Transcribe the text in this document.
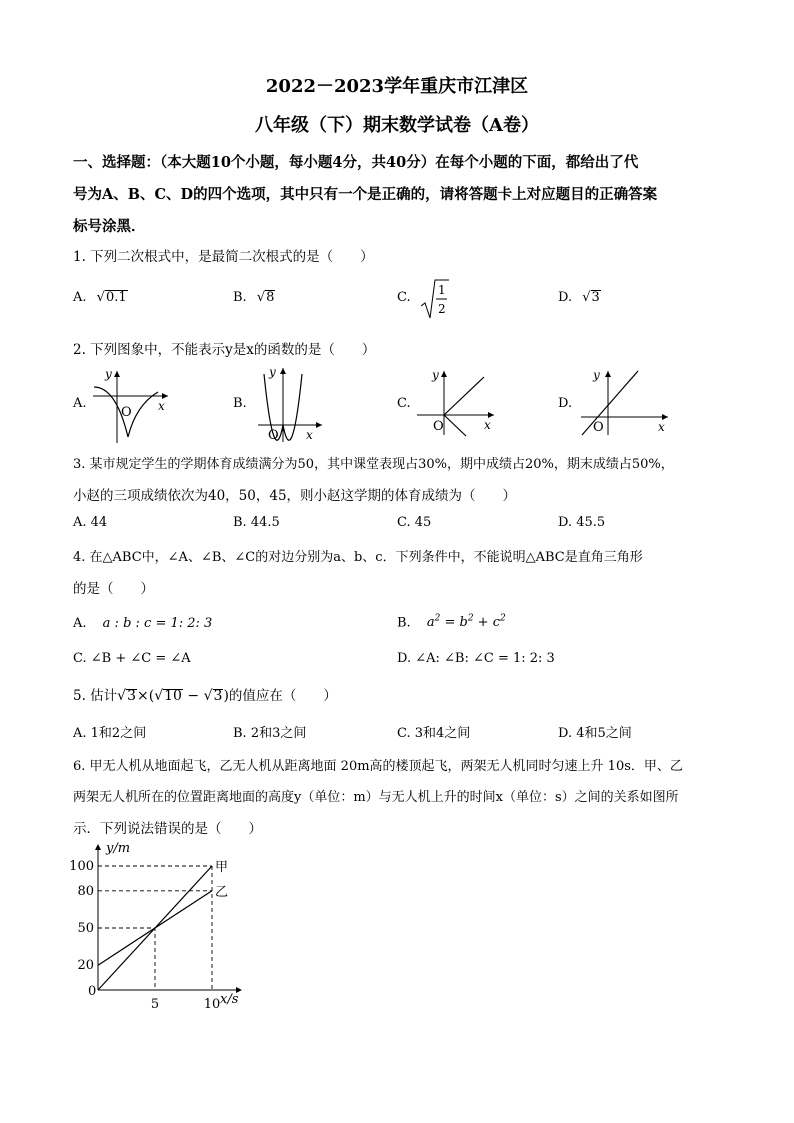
2022－2023学年重庆市江津区
八年级（下）期末数学试卷（A卷）
一、选择题：（本大题10个小题，每小题4分，共40分）在每个小题的下面，都给出了代
号为A、B、C、D的四个选项，其中只有一个是正确的，请将答题卡上对应题目的正确答案
标号涂黑．
1. 下列二次根式中，是最简二次根式的是（　　）
A. √0.1	B. √8	C. 1
2
D. √3
2. 下列图象中，不能表示y是x的函数的是（　　）
A.
y
x
O
B.
y
x
O
C.
y
x
O
D.
y
x
O
3. 某市规定学生的学期体育成绩满分为50，其中课堂表现占30%，期中成绩占20%，期末成绩占50%，
小赵的三项成绩依次为40，50，45，则小赵这学期的体育成绩为（　　）
A. 44	B. 44.5	C. 45	D. 45.5
4. 在△ABC中，∠A、∠B、∠C的对边分别为a、b、c．下列条件中，不能说明△ABC是直角三角形
的是（　　）
A. a : b : c = 1: 2: 3	B. $a^2 = b^2 + c^2$
C. ∠B + ∠C = ∠A	D. ∠A: ∠B: ∠C = 1: 2: 3
5. 估计√3×(√10 − √3)的值应在（　　）
A. 1和2之间	B. 2和3之间	C. 3和4之间	D. 4和5之间
6. 甲无人机从地面起飞，乙无人机从距离地面 20m高的楼顶起飞，两架无人机同时匀速上升 10s．甲、乙
两架无人机所在的位置距离地面的高度y（单位：m）与无人机上升的时间x（单位：s）之间的关系如图所
示．下列说法错误的是（　　）
y/m
x/s
0
20
50
80
100
5	10
甲
乙
